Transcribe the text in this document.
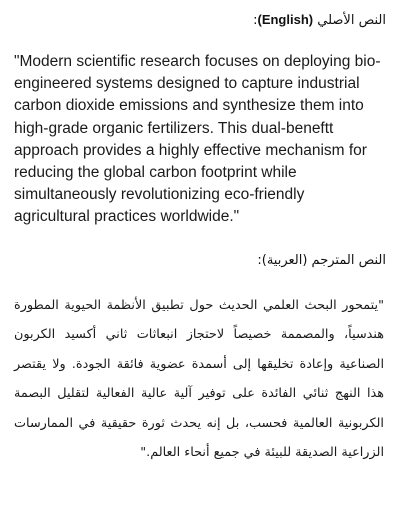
النص الأصلي (English):

"Modern scientific research focuses on deploying bio-engineered systems designed to capture industrial carbon dioxide emissions and synthesize them into high-grade organic fertilizers. This dual-beneftt approach provides a highly effective mechanism for reducing the global carbon footprint while simultaneously revolutionizing eco-friendly agricultural practices worldwide."

النص المترجم (العربية):

"يتمحور البحث العلمي الحديث حول تطبيق الأنظمة الحيوية المطورة هندسياً، والمصممة خصيصاً لاحتجاز انبعاثات ثاني أكسيد الكربون الصناعية وإعادة تخليقها إلى أسمدة عضوية فائقة الجودة. ولا يقتصر هذا النهج ثنائي الفائدة على توفير آلية عالية الفعالية لتقليل البصمة الكربونية العالمية فحسب، بل إنه يحدث ثورة حقيقية في الممارسات الزراعية الصديقة للبيئة في جميع أنحاء العالم."
